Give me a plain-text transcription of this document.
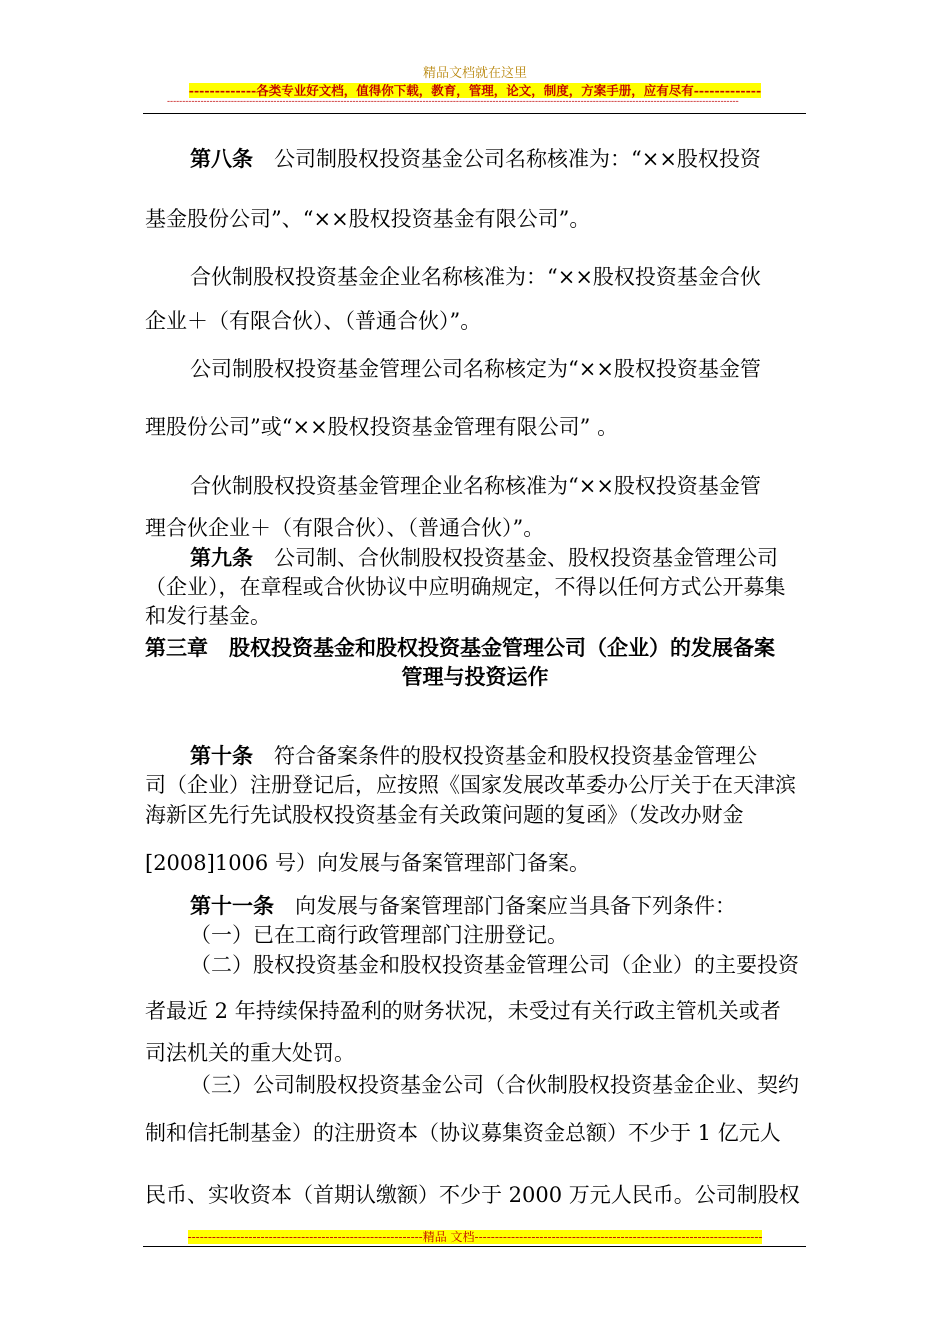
精品文档就在这里
-------------各类专业好文档，值得你下载，教育，管理，论文，制度，方案手册，应有尽有-------------
--------------------------------------------------------------------------------------------------------------------------------------------------------------------------------------------
第八条　公司制股权投资基金公司名称核准为：“××股权投资
基金股份公司”、“××股权投资基金有限公司”。
合伙制股权投资基金企业名称核准为：“××股权投资基金合伙
企业＋（有限合伙）、（普通合伙）”。
公司制股权投资基金管理公司名称核定为“××股权投资基金管
理股份公司”或“××股权投资基金管理有限公司” 。
合伙制股权投资基金管理企业名称核准为“××股权投资基金管
理合伙企业＋（有限合伙）、（普通合伙）”。
第九条　公司制、合伙制股权投资基金、股权投资基金管理公司
（企业），在章程或合伙协议中应明确规定，不得以任何方式公开募集
和发行基金。
第三章　股权投资基金和股权投资基金管理公司（企业）的发展备案
管理与投资运作
第十条　符合备案条件的股权投资基金和股权投资基金管理公
司（企业）注册登记后，应按照《国家发展改革委办公厅关于在天津滨
海新区先行先试股权投资基金有关政策问题的复函》（发改办财金
[2008]1006 号）向发展与备案管理部门备案。
第十一条　向发展与备案管理部门备案应当具备下列条件：
（一）已在工商行政管理部门注册登记。
（二）股权投资基金和股权投资基金管理公司（企业）的主要投资
者最近 2 年持续保持盈利的财务状况，未受过有关行政主管机关或者
司法机关的重大处罚。
（三）公司制股权投资基金公司（合伙制股权投资基金企业、契约
制和信托制基金）的注册资本（协议募集资金总额）不少于 1 亿元人
民币、实收资本（首期认缴额）不少于 2000 万元人民币。公司制股权
----------------------------------------------------------精品 文档-----------------------------------------------------------------------
